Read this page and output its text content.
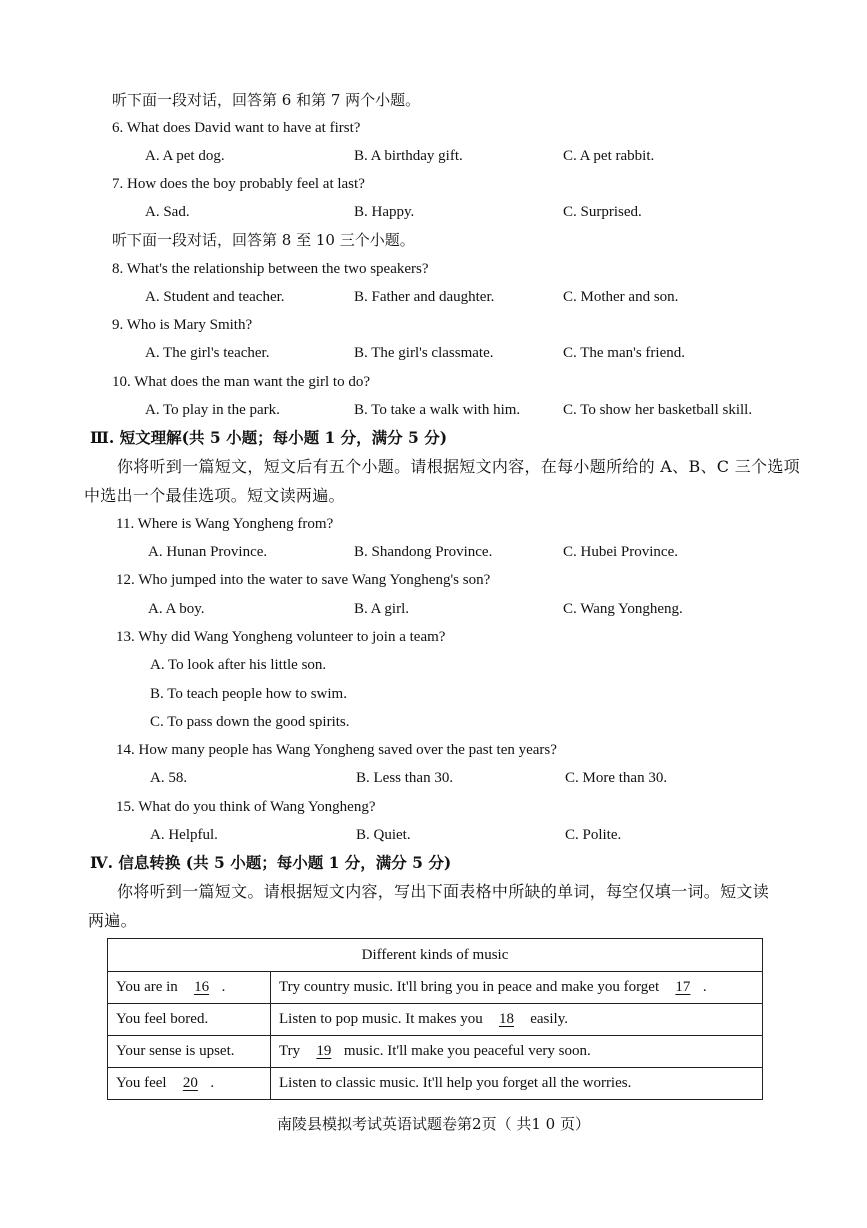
听下面一段对话，回答第 6 和第 7 两个小题。
6. What does David want to have at first?
A. A pet dog.	B. A birthday gift.	C. A pet rabbit.
7. How does the boy probably feel at last?
A. Sad.	B. Happy.	C. Surprised.
听下面一段对话，回答第 8 至 10 三个小题。
8. What's the relationship between the two speakers?
A. Student and teacher.	B. Father and daughter.	C. Mother and son.
9. Who is Mary Smith?
A. The girl's teacher.	B. The girl's classmate.	C. The man's friend.
10. What does the man want the girl to do?
A. To play in the park.	B. To take a walk with him.	C. To show her basketball skill.
Ⅲ. 短文理解(共 5 小题；每小题 1 分，满分 5 分)
你将听到一篇短文，短文后有五个小题。请根据短文内容，在每小题所给的 A、B、C 三个选项
中选出一个最佳选项。短文读两遍。
11. Where is Wang Yongheng from?
A. Hunan Province.	B. Shandong Province.	C. Hubei Province.
12. Who jumped into the water to save Wang Yongheng's son?
A. A boy.	B. A girl.	C. Wang Yongheng.
13. Why did Wang Yongheng volunteer to join a team?
A. To look after his little son.
B. To teach people how to swim.
C. To pass down the good spirits.
14. How many people has Wang Yongheng saved over the past ten years?
A. 58.	B. Less than 30.	C. More than 30.
15. What do you think of Wang Yongheng?
A. Helpful.	B. Quiet.	C. Polite.
Ⅳ. 信息转换 (共 5 小题；每小题 1 分，满分 5 分)
你将听到一篇短文。请根据短文内容，写出下面表格中所缺的单词，每空仅填一词。短文读
两遍。
Different kinds of music	
You are in 16 .	Try country music. It'll bring you in peace and make you forget 17 .
You feel bored.	Listen to pop music. It makes you 18 easily.
Your sense is upset.	Try 19 music. It'll make you peaceful very soon.
You feel 20 .	Listen to classic music. It'll help you forget all the worries.
南陵县模拟考试英语试题卷第2页（ 共1 0 页）
